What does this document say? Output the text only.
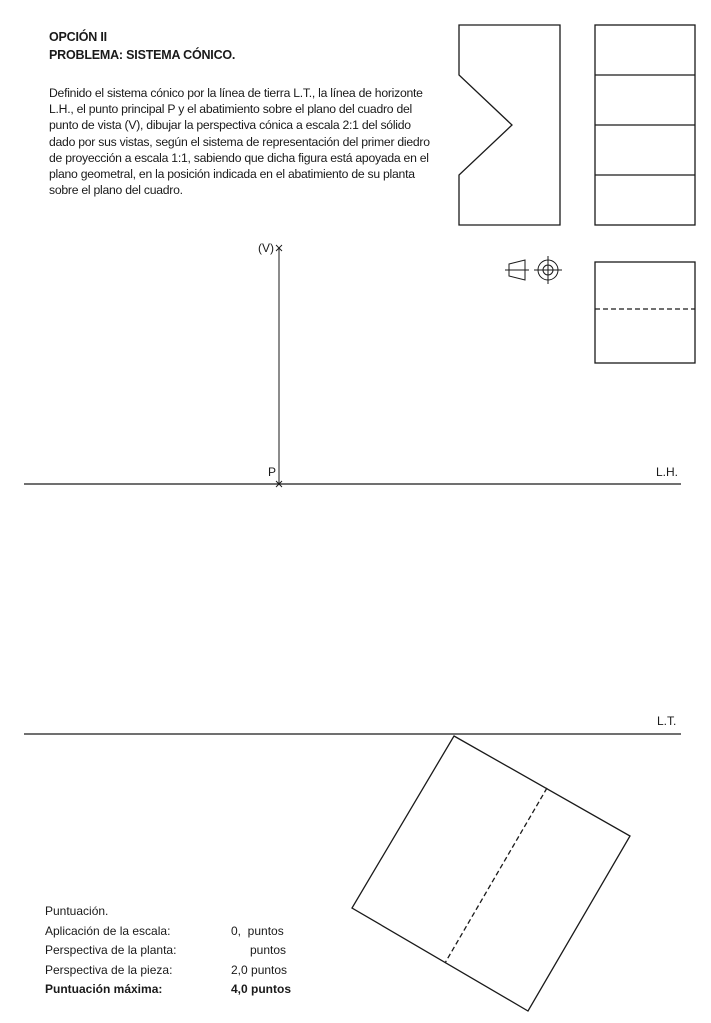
OPCIÓN II
PROBLEMA: SISTEMA CÓNICO.

Definido el sistema cónico por la línea de tierra L.T., la línea de horizonte L.H., el punto principal P y el abatimiento sobre el plano del cuadro del punto de vista (V), dibujar la perspectiva cónica a escala 2:1 del sólido dado por sus vistas, según el sistema de representación del primer diedro de proyección a escala 1:1, sabiendo que dicha figura está apoyada en el plano geometral, en la posición indicada en el abatimiento de su planta sobre el plano del cuadro.

(V)
P	L.H.
L.T.
Puntuación.
Aplicación de la escala:	0,  puntos
Perspectiva de la planta:	puntos
Perspectiva de la pieza:	2,0 puntos
Puntuación máxima:	4,0 puntos
